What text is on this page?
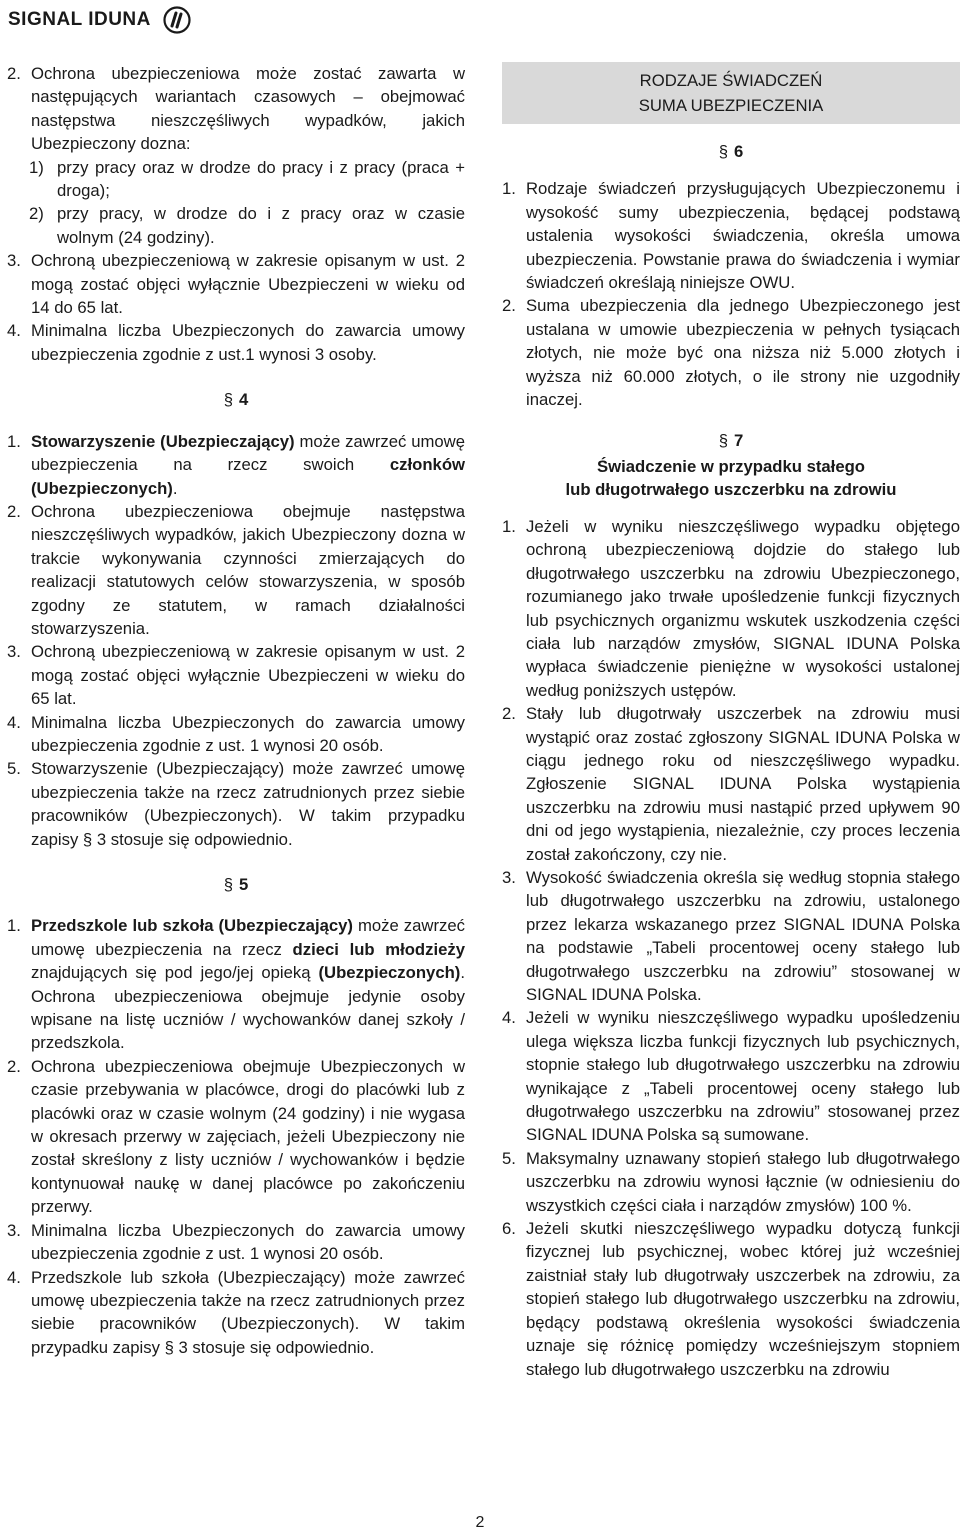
SIGNAL IDUNA
2. Ochrona ubezpieczeniowa może zostać zawarta w następujących wariantach czasowych – obejmować następstwa nieszczęśliwych wypadków, jakich Ubezpieczony dozna:
1) przy pracy oraz w drodze do pracy i z pracy (praca + droga);
2) przy pracy, w drodze do i z pracy oraz w czasie wolnym (24 godziny).
3. Ochroną ubezpieczeniową w zakresie opisanym w ust. 2 mogą zostać objęci wyłącznie Ubezpieczeni w wieku od 14 do 65 lat.
4. Minimalna liczba Ubezpieczonych do zawarcia umowy ubezpieczenia zgodnie z ust.1 wynosi 3 osoby.
§ 4
1. Stowarzyszenie (Ubezpieczający) może zawrzeć umowę ubezpieczenia na rzecz swoich członków (Ubezpieczonych).
2. Ochrona ubezpieczeniowa obejmuje następstwa nieszczęśliwych wypadków, jakich Ubezpieczony dozna w trakcie wykonywania czynności zmierzających do realizacji statutowych celów stowarzyszenia, w sposób zgodny ze statutem, w ramach działalności stowarzyszenia.
3. Ochroną ubezpieczeniową w zakresie opisanym w ust. 2 mogą zostać objęci wyłącznie Ubezpieczeni w wieku do 65 lat.
4. Minimalna liczba Ubezpieczonych do zawarcia umowy ubezpieczenia zgodnie z ust. 1 wynosi 20 osób.
5. Stowarzyszenie (Ubezpieczający) może zawrzeć umowę ubezpieczenia także na rzecz zatrudnionych przez siebie pracowników (Ubezpieczonych). W takim przypadku zapisy § 3 stosuje się odpowiednio.
§ 5
1. Przedszkole lub szkoła (Ubezpieczający) może zawrzeć umowę ubezpieczenia na rzecz dzieci lub młodzieży znajdujących się pod jego/jej opieką (Ubezpieczonych). Ochrona ubezpieczeniowa obejmuje jedynie osoby wpisane na listę uczniów / wychowanków danej szkoły / przedszkola.
2. Ochrona ubezpieczeniowa obejmuje Ubezpieczonych w czasie przebywania w placówce, drogi do placówki lub z placówki oraz w czasie wolnym (24 godziny) i nie wygasa w okresach przerwy w zajęciach, jeżeli Ubezpieczony nie został skreślony z listy uczniów / wychowanków i będzie kontynuował naukę w danej placówce po zakończeniu przerwy.
3. Minimalna liczba Ubezpieczonych do zawarcia umowy ubezpieczenia zgodnie z ust. 1 wynosi 20 osób.
4. Przedszkole lub szkoła (Ubezpieczający) może zawrzeć umowę ubezpieczenia także na rzecz zatrudnionych przez siebie pracowników (Ubezpieczonych). W takim przypadku zapisy § 3 stosuje się odpowiednio.
RODZAJE ŚWIADCZEŃ
SUMA UBEZPIECZENIA
§ 6
1. Rodzaje świadczeń przysługujących Ubezpieczonemu i wysokość sumy ubezpieczenia, będącej podstawą ustalenia wysokości świadczenia, określa umowa ubezpieczenia. Powstanie prawa do świadczenia i wymiar świadczeń określają niniejsze OWU.
2. Suma ubezpieczenia dla jednego Ubezpieczonego jest ustalana w umowie ubezpieczenia w pełnych tysiącach złotych, nie może być ona niższa niż 5.000 złotych i wyższa niż 60.000 złotych, o ile strony nie uzgodniły inaczej.
§ 7
Świadczenie w przypadku stałego
lub długotrwałego uszczerbku na zdrowiu
1. Jeżeli w wyniku nieszczęśliwego wypadku objętego ochroną ubezpieczeniową dojdzie do stałego lub długotrwałego uszczerbku na zdrowiu Ubezpieczonego, rozumianego jako trwałe upośledzenie funkcji fizycznych lub psychicznych organizmu wskutek uszkodzenia części ciała lub narządów zmysłów, SIGNAL IDUNA Polska wypłaca świadczenie pieniężne w wysokości ustalonej według poniższych ustępów.
2. Stały lub długotrwały uszczerbek na zdrowiu musi wystąpić oraz zostać zgłoszony SIGNAL IDUNA Polska w ciągu jednego roku od nieszczęśliwego wypadku. Zgłoszenie SIGNAL IDUNA Polska wystąpienia uszczerbku na zdrowiu musi nastąpić przed upływem 90 dni od jego wystąpienia, niezależnie, czy proces leczenia został zakończony, czy nie.
3. Wysokość świadczenia określa się według stopnia stałego lub długotrwałego uszczerbku na zdrowiu, ustalonego przez lekarza wskazanego przez SIGNAL IDUNA Polska na podstawie „Tabeli procentowej oceny stałego lub długotrwałego uszczerbku na zdrowiu” stosowanej w SIGNAL IDUNA Polska.
4. Jeżeli w wyniku nieszczęśliwego wypadku upośledzeniu ulega większa liczba funkcji fizycznych lub psychicznych, stopnie stałego lub długotrwałego uszczerbku na zdrowiu wynikające z „Tabeli procentowej oceny stałego lub długotrwałego uszczerbku na zdrowiu” stosowanej przez SIGNAL IDUNA Polska są sumowane.
5. Maksymalny uznawany stopień stałego lub długotrwałego uszczerbku na zdrowiu wynosi łącznie (w odniesieniu do wszystkich części ciała i narządów zmysłów) 100 %.
6. Jeżeli skutki nieszczęśliwego wypadku dotyczą funkcji fizycznej lub psychicznej, wobec której już wcześniej zaistniał stały lub długotrwały uszczerbek na zdrowiu, za stopień stałego lub długotrwałego uszczerbku na zdrowiu, będący podstawą określenia wysokości świadczenia uznaje się różnicę pomiędzy wcześniejszym stopniem stałego lub długotrwałego uszczerbku na zdrowiu
2
